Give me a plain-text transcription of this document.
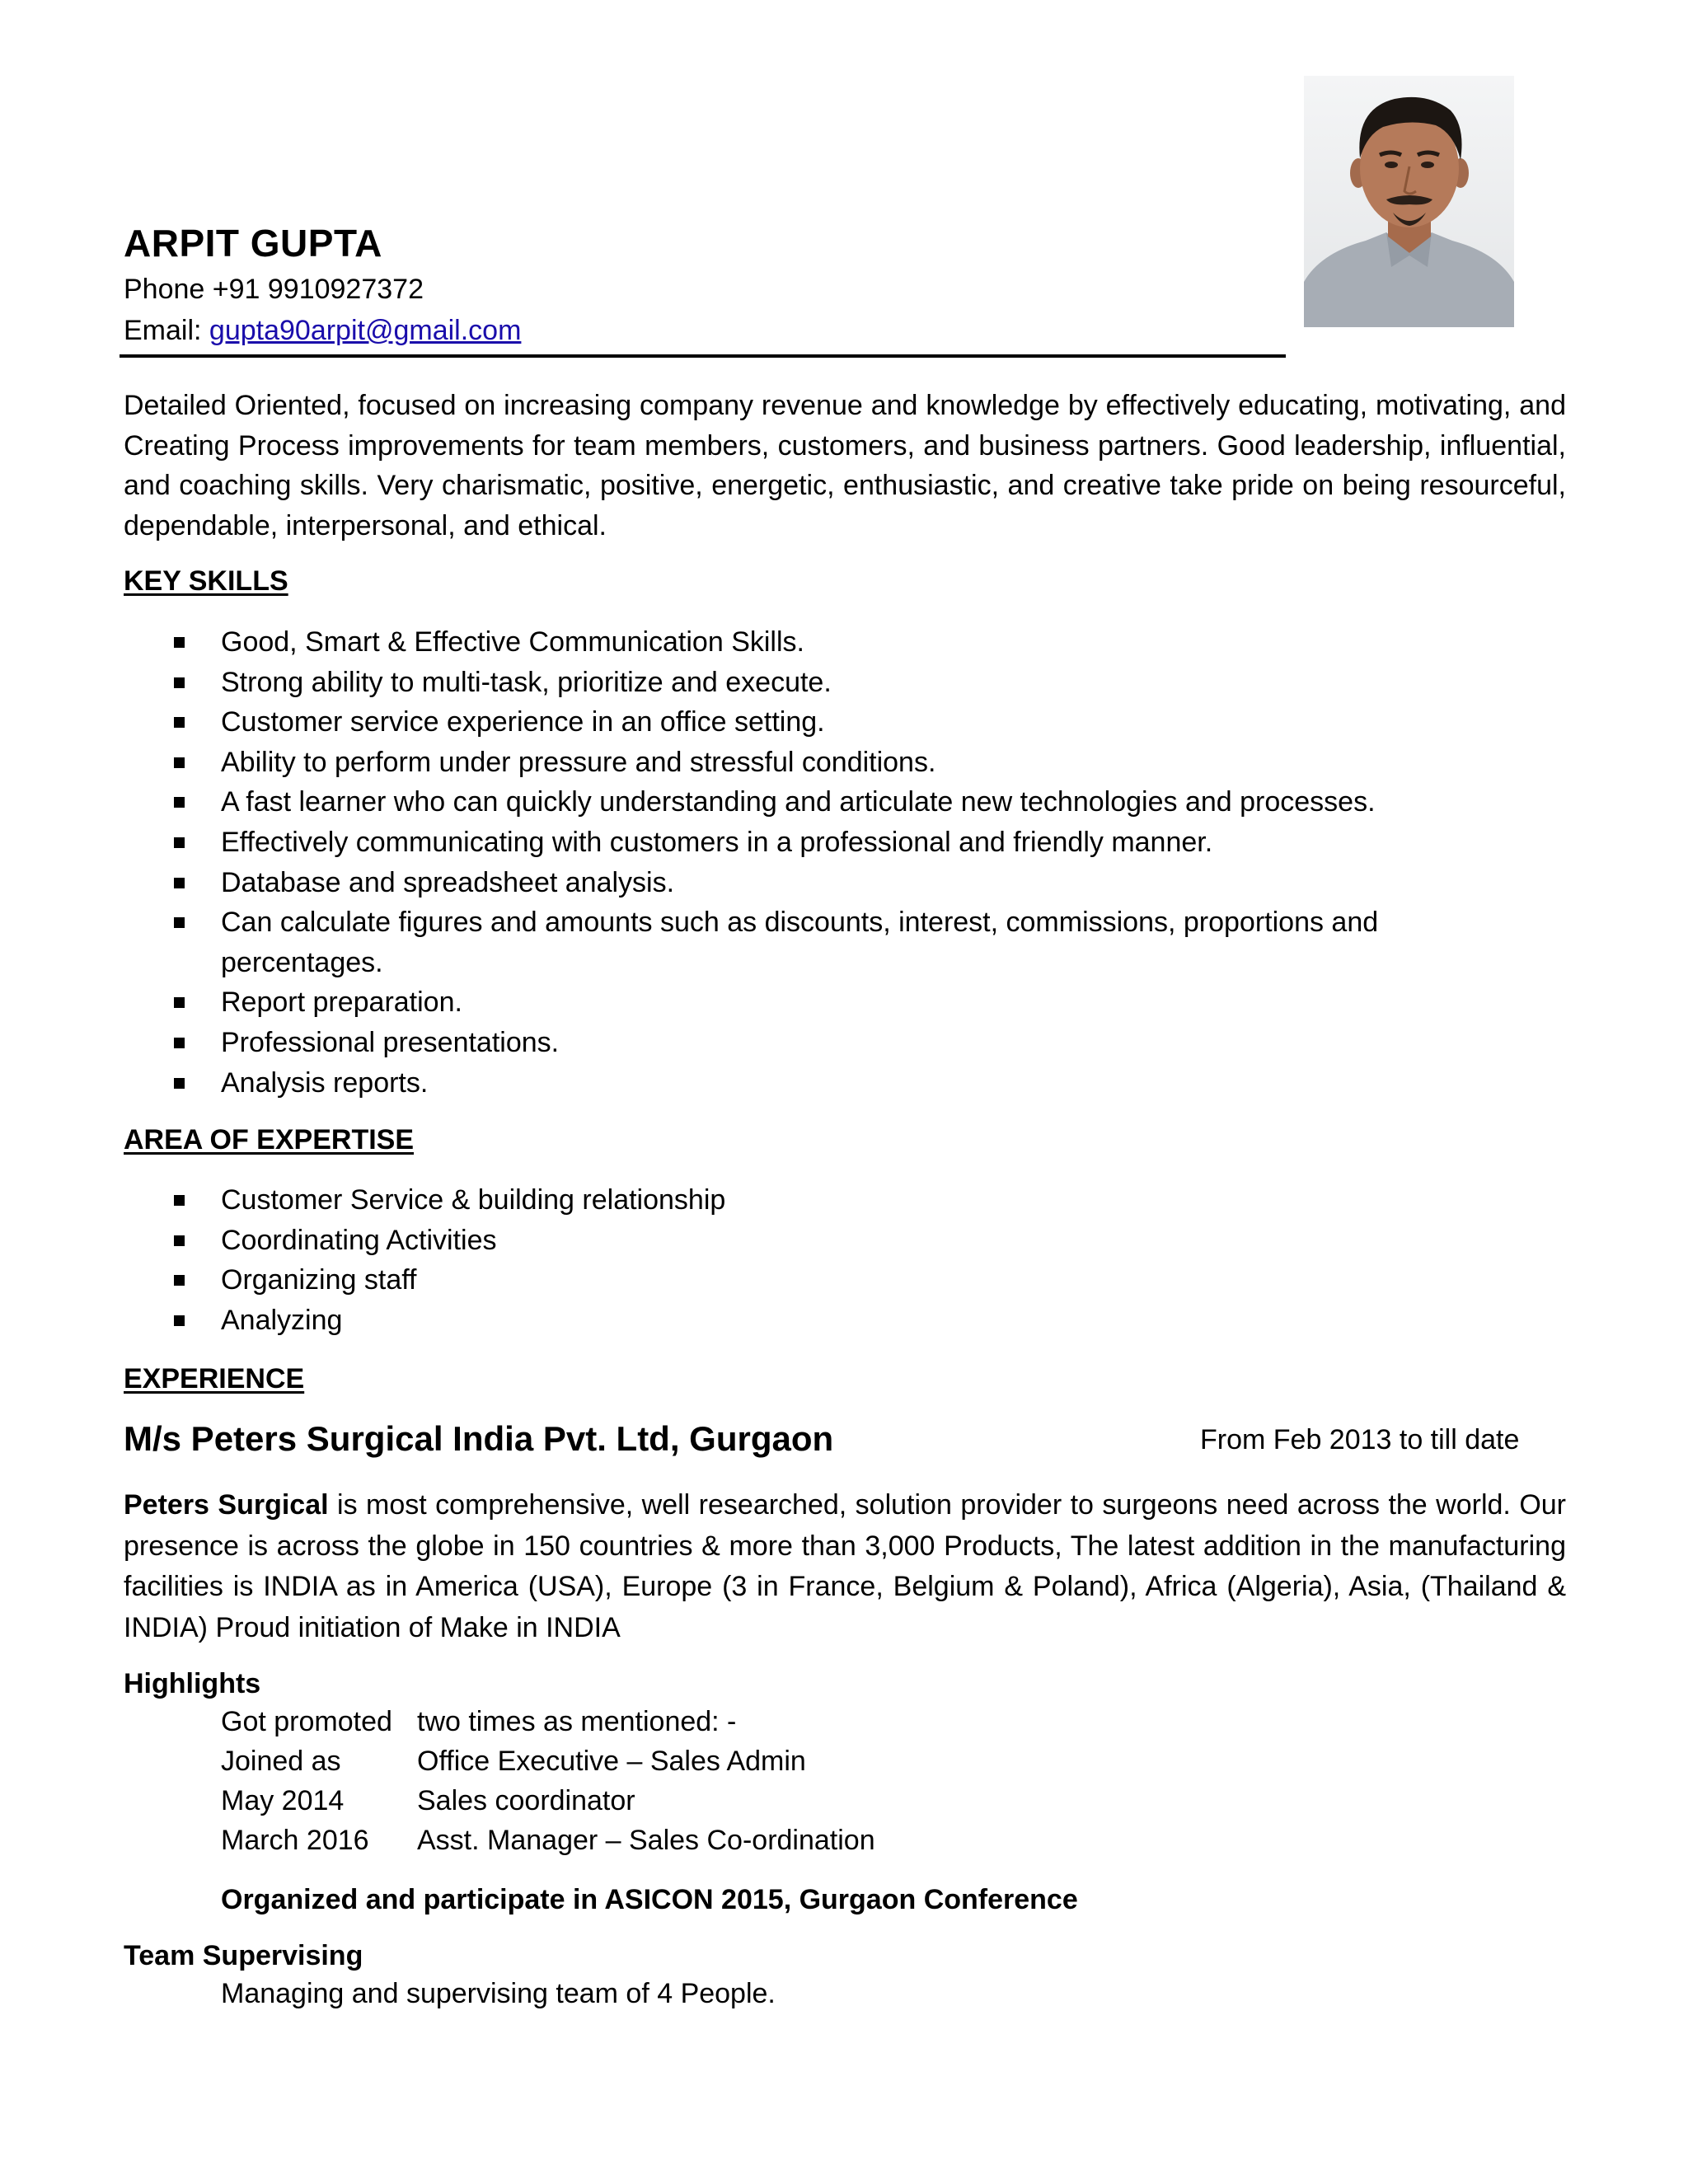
ARPIT GUPTA
Phone +91 9910927372
Email: gupta90arpit@gmail.com

Detailed Oriented, focused on increasing company revenue and knowledge by effectively educating, motivating, and Creating Process improvements for team members, customers, and business partners. Good leadership, influential, and coaching skills. Very charismatic, positive, energetic, enthusiastic, and creative take pride on being resourceful, dependable, interpersonal, and ethical.

KEY SKILLS
Good, Smart & Effective Communication Skills.
Strong ability to multi-task, prioritize and execute.
Customer service experience in an office setting.
Ability to perform under pressure and stressful conditions.
A fast learner who can quickly understanding and articulate new technologies and processes.
Effectively communicating with customers in a professional and friendly manner.
Database and spreadsheet analysis.
Can calculate figures and amounts such as discounts, interest, commissions, proportions and percentages.
Report preparation.
Professional presentations.
Analysis reports.
AREA OF EXPERTISE
Customer Service & building relationship
Coordinating Activities
Organizing staff
Analyzing
EXPERIENCE
M/s Peters Surgical India Pvt. Ltd, Gurgaon	From Feb 2013 to till date

Peters Surgical is most comprehensive, well researched, solution provider to surgeons need across the world. Our presence is across the globe in 150 countries & more than 3,000 Products, The latest addition in the manufacturing facilities is INDIA as in America (USA), Europe (3 in France, Belgium & Poland), Africa (Algeria), Asia, (Thailand & INDIA) Proud initiation of Make in INDIA

Highlights
Got promoted two times as mentioned: -
Joined as	Office Executive – Sales Admin
May 2014	Sales coordinator
March 2016 Asst. Manager – Sales Co-ordination
Organized and participate in ASICON 2015, Gurgaon Conference
Team Supervising
Managing and supervising team of 4 People.
